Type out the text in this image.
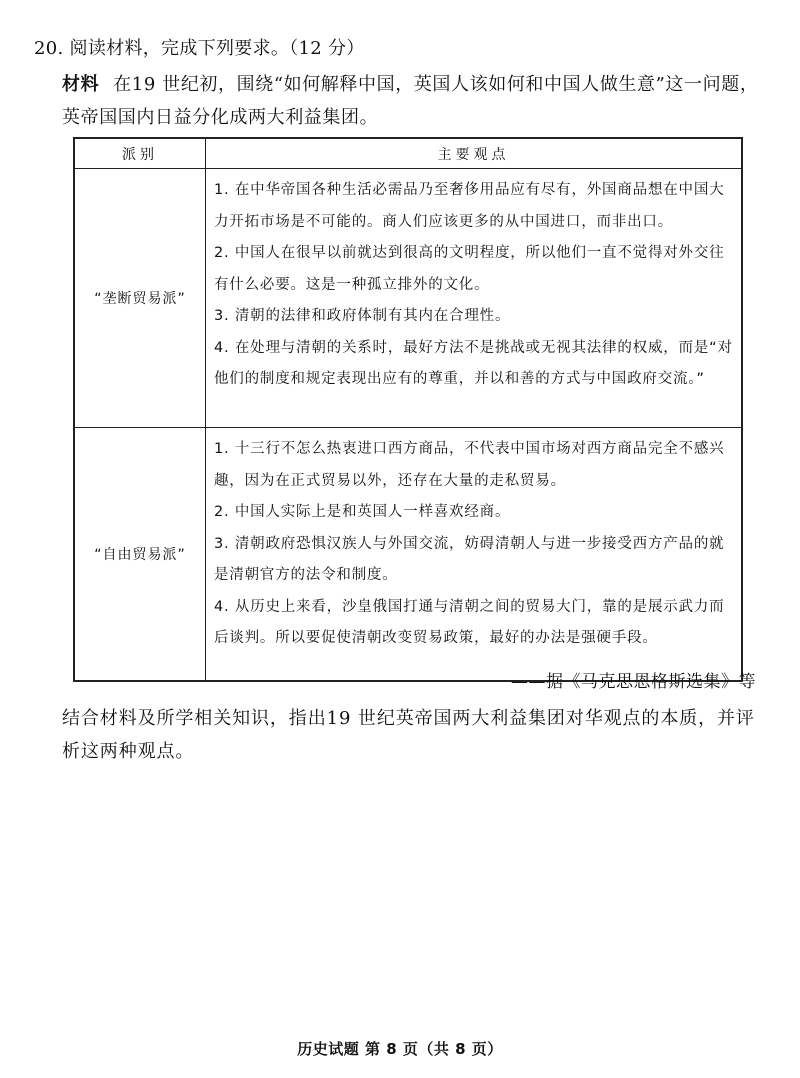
20. 阅读材料，完成下列要求。（12 分）
材料 在19 世纪初，围绕“如何解释中国，英国人该如何和中国人做生意”这一问题，英帝国国内日益分化成两大利益集团。
派别	主要观点
“垄断贸易派”	1. 在中华帝国各种生活必需品乃至奢侈用品应有尽有，外国商品想在中国大力开拓市场是不可能的。商人们应该更多的从中国进口，而非出口。

2. 中国人在很早以前就达到很高的文明程度，所以他们一直不觉得对外交往有什么必要。这是一种孤立排外的文化。

3. 清朝的法律和政府体制有其内在合理性。

4. 在处理与清朝的关系时，最好方法不是挑战或无视其法律的权威，而是“对他们的制度和规定表现出应有的尊重，并以和善的方式与中国政府交流。”

“自由贸易派”	1. 十三行不怎么热衷进口西方商品，不代表中国市场对西方商品完全不感兴趣，因为在正式贸易以外，还存在大量的走私贸易。

2. 中国人实际上是和英国人一样喜欢经商。

3. 清朝政府恐惧汉族人与外国交流，妨碍清朝人与进一步接受西方产品的就是清朝官方的法令和制度。

4. 从历史上来看，沙皇俄国打通与清朝之间的贸易大门，靠的是展示武力而后谈判。所以要促使清朝改变贸易政策，最好的办法是强硬手段。

——据《马克思恩格斯选集》等
结合材料及所学相关知识，指出19 世纪英帝国两大利益集团对华观点的本质，并评析这两种观点。
历史试题 第 8 页（共 8 页）
